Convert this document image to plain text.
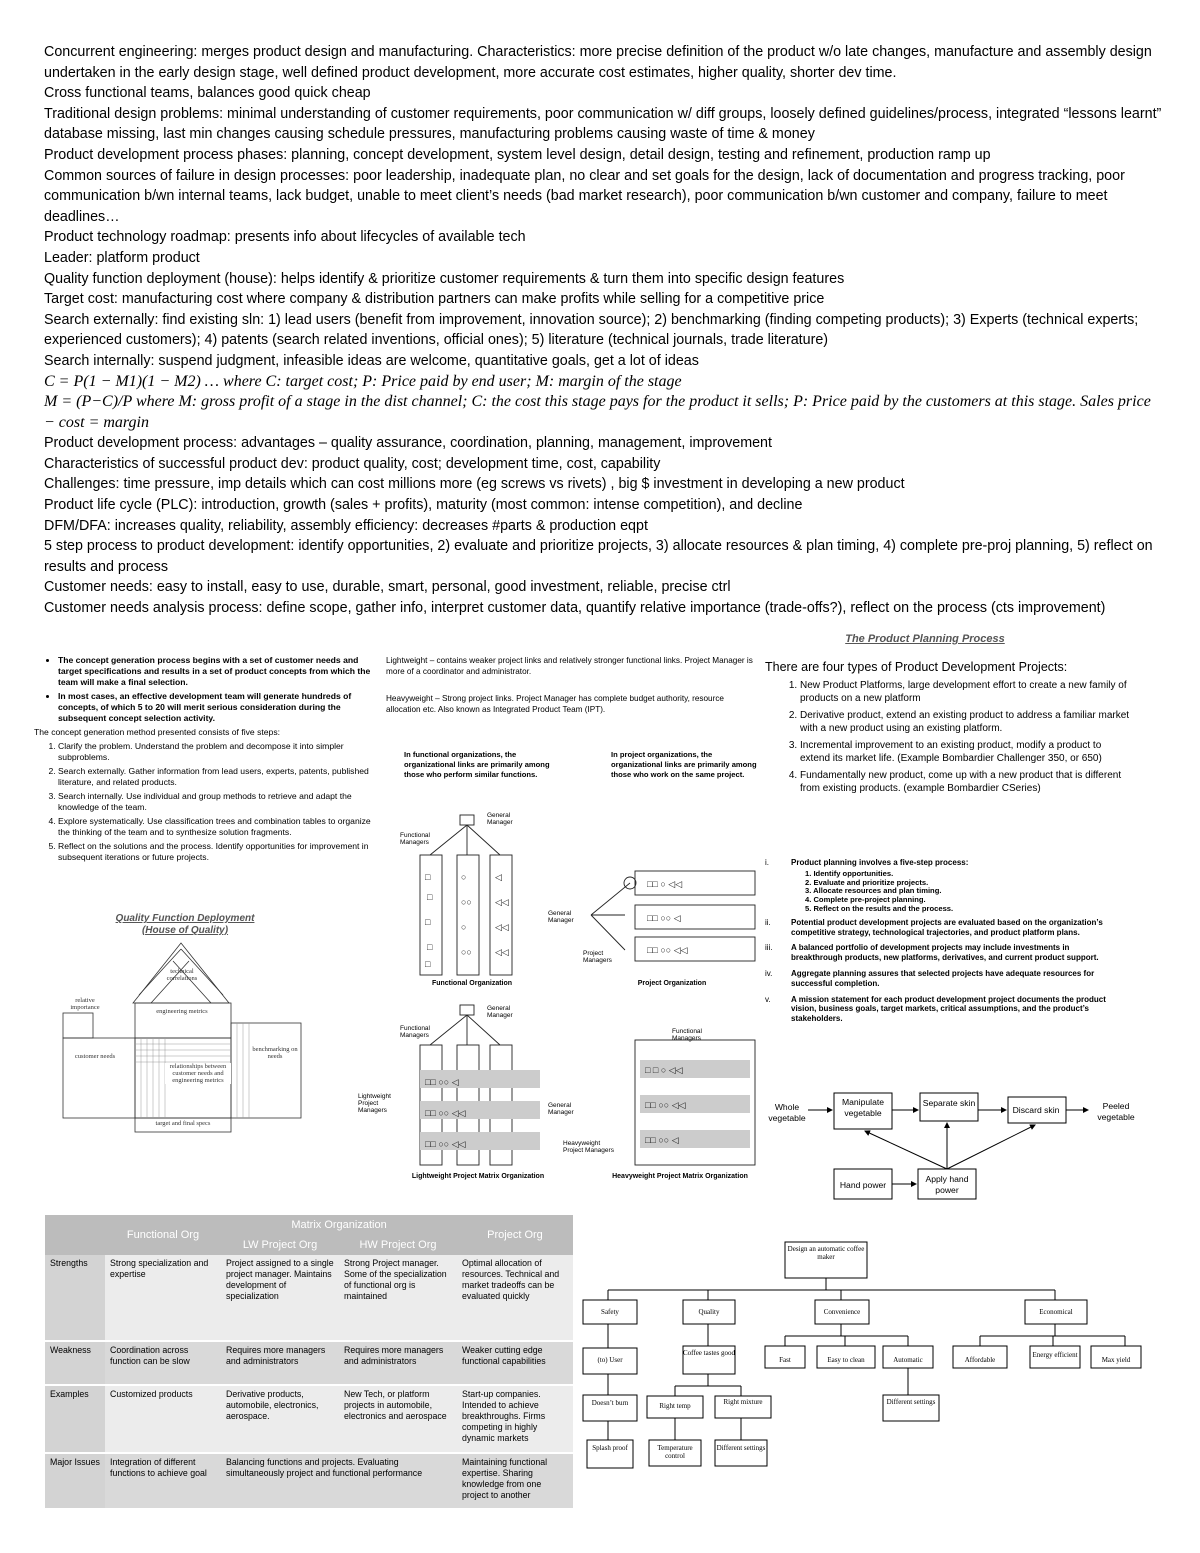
Concurrent engineering: merges product design and manufacturing. Characteristics: more precise definition of the product w/o late changes, manufacture and assembly design undertaken in the early design stage, well defined product development, more accurate cost estimates, higher quality, shorter dev time.
Cross functional teams, balances good quick cheap
Traditional design problems: minimal understanding of customer requirements, poor communication w/ diff groups, loosely defined guidelines/process, integrated “lessons learnt” database missing, last min changes causing schedule pressures, manufacturing problems causing waste of time & money
Product development process phases: planning, concept development, system level design, detail design, testing and refinement, production ramp up
Common sources of failure in design processes: poor leadership, inadequate plan, no clear and set goals for the design, lack of documentation and progress tracking, poor communication b/wn internal teams, lack budget, unable to meet client’s needs (bad market research), poor communication b/wn customer and company, failure to meet deadlines…
Product technology roadmap: presents info about lifecycles of available tech
Leader: platform product
Quality function deployment (house): helps identify & prioritize customer requirements & turn them into specific design features
Target cost: manufacturing cost where company & distribution partners can make profits while selling for a competitive price
Search externally: find existing sln: 1) lead users (benefit from improvement, innovation source); 2) benchmarking (finding competing products); 3) Experts (technical experts; experienced customers); 4) patents (search related inventions, official ones); 5) literature (technical journals, trade literature)
Search internally: suspend judgment, infeasible ideas are welcome, quantitative goals, get a lot of ideas
C = P(1 − M1)(1 − M2) … where C: target cost; P: Price paid by end user; M: margin of the stage
M = (P−C)/P where M: gross profit of a stage in the dist channel; C: the cost this stage pays for the product it sells; P: Price paid by the customers at this stage. Sales price − cost = margin
Product development process: advantages – quality assurance, coordination, planning, management, improvement
Characteristics of successful product dev: product quality, cost; development time, cost, capability
Challenges: time pressure, imp details which can cost millions more (eg screws vs rivets) , big $ investment in developing a new product
Product life cycle (PLC): introduction, growth (sales + profits), maturity (most common: intense competition), and decline
DFM/DFA: increases quality, reliability, assembly efficiency: decreases #parts & production eqpt
5 step process to product development: identify opportunities, 2) evaluate and prioritize projects, 3) allocate resources & plan timing, 4) complete pre-proj planning, 5) reflect on results and process
Customer needs: easy to install, easy to use, durable, smart, personal, good investment, reliable, precise ctrl
Customer needs analysis process: define scope, gather info, interpret customer data, quantify relative importance (trade-offs?), reflect on the process (cts improvement)
• The concept generation process begins with a set of customer needs and target specifications and results in a set of product concepts from which the team will make a final selection.
• In most cases, an effective development team will generate hundreds of concepts, of which 5 to 20 will merit serious consideration during the subsequent concept selection activity.
The concept generation method presented consists of five steps:
1. Clarify the problem. Understand the problem and decompose it into simpler subproblems.
2. Search externally. Gather information from lead users, experts, patents, published literature, and related products.
3. Search internally. Use individual and group methods to retrieve and adapt the knowledge of the team.
4. Explore systematically. Use classification trees and combination tables to organize the thinking of the team and to synthesize solution fragments.
5. Reflect on the solutions and the process. Identify opportunities for improvement in subsequent iterations or future projects.
Quality Function Deployment
(House of Quality)
technical correlations
engineering metrics
relative importance
customer needs
relationships between customer needs and engineering metrics
benchmarking on needs
target and final specs
Lightweight – contains weaker project links and relatively stronger functional links. Project Manager is more of a coordinator and administrator.
Heavyweight – Strong project links. Project Manager has complete budget authority, resource allocation etc. Also known as Integrated Product Team (IPT).
In functional organizations, the organizational links are primarily among those who perform similar functions.
In project organizations, the organizational links are primarily among those who work on the same project.
□
□
□
□
□
○
○○
○
○○
◁
◁◁
◁◁
◁◁
□□ ○ ◁◁
□□ ○○ ◁
□□ ○○ ◁◁
□□ ○○ ◁
□□ ○○ ◁◁
□□ ○○ ◁◁
□ □ ○ ◁◁
□□ ○○ ◁◁
□□ ○○ ◁
General Manager
Functional Managers
General Manager
Project Managers
Functional Organization	Project Organization
General Manager
Functional Managers
Functional Managers
Lightweight Project Managers
General Manager
Heavyweight Project Managers
Lightweight Project Matrix Organization	Heavyweight Project Matrix Organization
The Product Planning Process
There are four types of Product Development Projects:
1. New Product Platforms, large development effort to create a new family of products on a new platform
2. Derivative product, extend an existing product to address a familiar market with a new product using an existing platform.
3. Incremental improvement to an existing product, modify a product to extend its market life. (Example Bombardier Challenger 350, or 650)
4. Fundamentally new product, come up with a new product that is different from existing products. (example Bombardier CSeries)
i.	Product planning involves a five-step process:
1. Identify opportunities.
2. Evaluate and prioritize projects.
3. Allocate resources and plan timing.
4. Complete pre-project planning.
5. Reflect on the results and the process.
ii.	Potential product development projects are evaluated based on the organization’s competitive strategy, technological trajectories, and product platform plans.
iii.	A balanced portfolio of development projects may include investments in breakthrough products, new platforms, derivatives, and current product support.
iv.	Aggregate planning assures that selected projects have adequate resources for successful completion.
v.	A mission statement for each product development project documents the product vision, business goals, target markets, critical assumptions, and the product’s stakeholders.
Whole vegetable
Manipulate vegetable
Separate skin
Discard skin	Peeled vegetable
Hand power
Apply hand power
	Functional Org	Matrix Organization		Project Org
		LW Project Org	HW Project Org	
Strengths	Strong specialization and expertise	Project assigned to a single project manager. Maintains development of specialization	Strong Project manager. Some of the specialization of functional org is maintained	Optimal allocation of resources. Technical and market tradeoffs can be evaluated quickly
Weakness	Coordination across function can be slow	Requires more managers and administrators	Requires more managers and administrators	Weaker cutting edge functional capabilities
Examples	Customized products	Derivative products, automobile, electronics, aerospace.	New Tech, or platform projects in automobile, electronics and aerospace	Start-up companies. Intended to achieve breakthroughs. Firms competing in highly dynamic markets
Major Issues	Integration of different functions to achieve goal	Balancing functions and projects. Evaluating simultaneously project and functional performance		Maintaining functional expertise. Sharing knowledge from one project to another
Design an automatic coffee maker
Safety	Quality	Convenience	Economical
(to) User
Coffee tastes good
Fast	Easy to clean	Automatic	Affordable
Energy efficient
Max yield
Doesn’t burn	Right temp	Right mixture	Different settings
Splash proof	Temperature control
Different settings
